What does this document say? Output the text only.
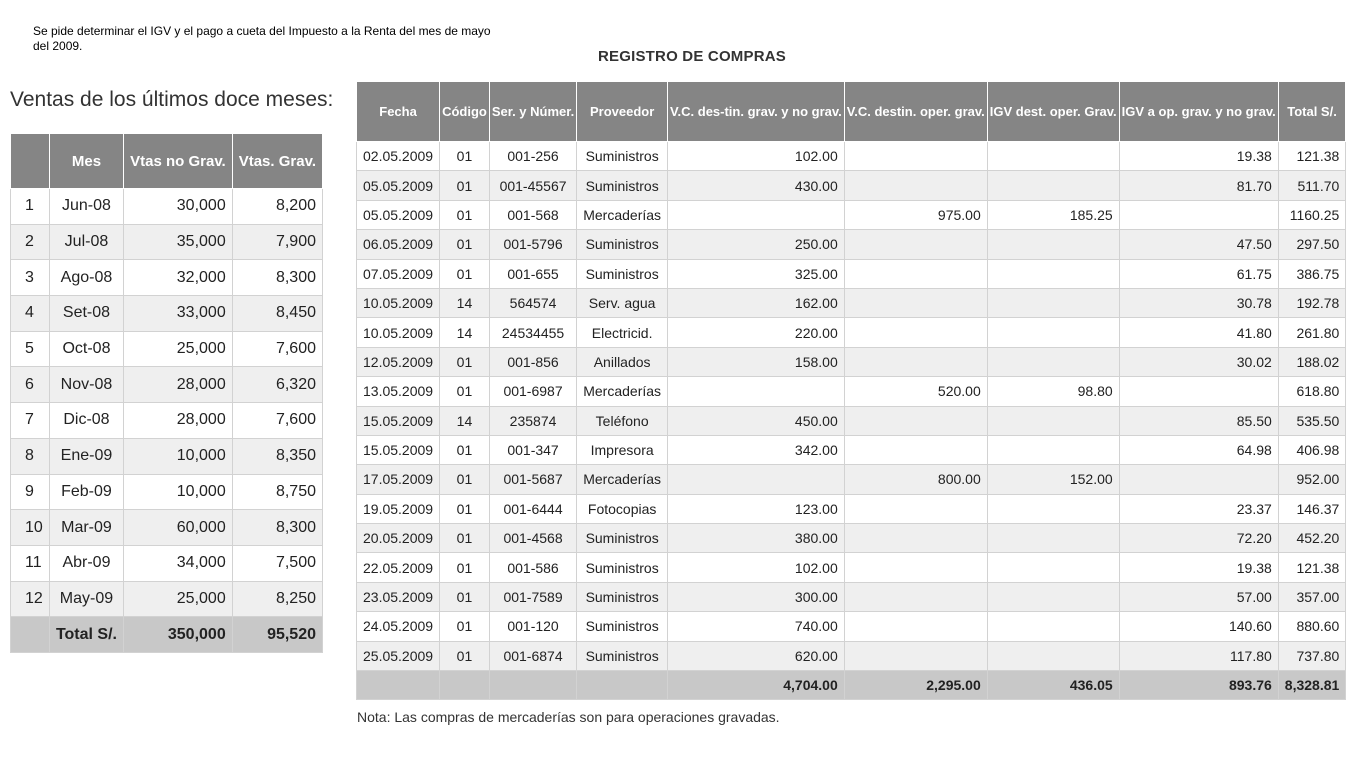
Se pide determinar el IGV y el pago a cueta del Impuesto a la Renta del mes de mayo
del 2009.
Ventas de los últimos doce meses:
	Mes	Vtas no Grav.	Vtas. Grav.
1	Jun-08	30,000	8,200
2	Jul-08	35,000	7,900
3	Ago-08	32,000	8,300
4	Set-08	33,000	8,450
5	Oct-08	25,000	7,600
6	Nov-08	28,000	6,320
7	Dic-08	28,000	7,600
8	Ene-09	10,000	8,350
9	Feb-09	10,000	8,750
10	Mar-09	60,000	8,300
11	Abr-09	34,000	7,500
12	May-09	25,000	8,250
	Total S/.	350,000	95,520
REGISTRO DE COMPRAS
Fecha	Código	Ser. y Númer.	Proveedor	V.C. des-tin. grav. y no grav.	V.C. destin. oper. grav.	IGV dest. oper. Grav.	IGV a op. grav. y no grav.	Total S/.
02.05.2009	01	001-256	Suministros	102.00			19.38	121.38
05.05.2009	01	001-45567	Suministros	430.00			81.70	511.70
05.05.2009	01	001-568	Mercaderías		975.00	185.25		1160.25
06.05.2009	01	001-5796	Suministros	250.00			47.50	297.50
07.05.2009	01	001-655	Suministros	325.00			61.75	386.75
10.05.2009	14	564574	Serv. agua	162.00			30.78	192.78
10.05.2009	14	24534455	Electricid.	220.00			41.80	261.80
12.05.2009	01	001-856	Anillados	158.00			30.02	188.02
13.05.2009	01	001-6987	Mercaderías		520.00	98.80		618.80
15.05.2009	14	235874	Teléfono	450.00			85.50	535.50
15.05.2009	01	001-347	Impresora	342.00			64.98	406.98
17.05.2009	01	001-5687	Mercaderías		800.00	152.00		952.00
19.05.2009	01	001-6444	Fotocopias	123.00			23.37	146.37
20.05.2009	01	001-4568	Suministros	380.00			72.20	452.20
22.05.2009	01	001-586	Suministros	102.00			19.38	121.38
23.05.2009	01	001-7589	Suministros	300.00			57.00	357.00
24.05.2009	01	001-120	Suministros	740.00			140.60	880.60
25.05.2009	01	001-6874	Suministros	620.00			117.80	737.80
				4,704.00	2,295.00	436.05	893.76	8,328.81
Nota: Las compras de mercaderías son para operaciones gravadas.
